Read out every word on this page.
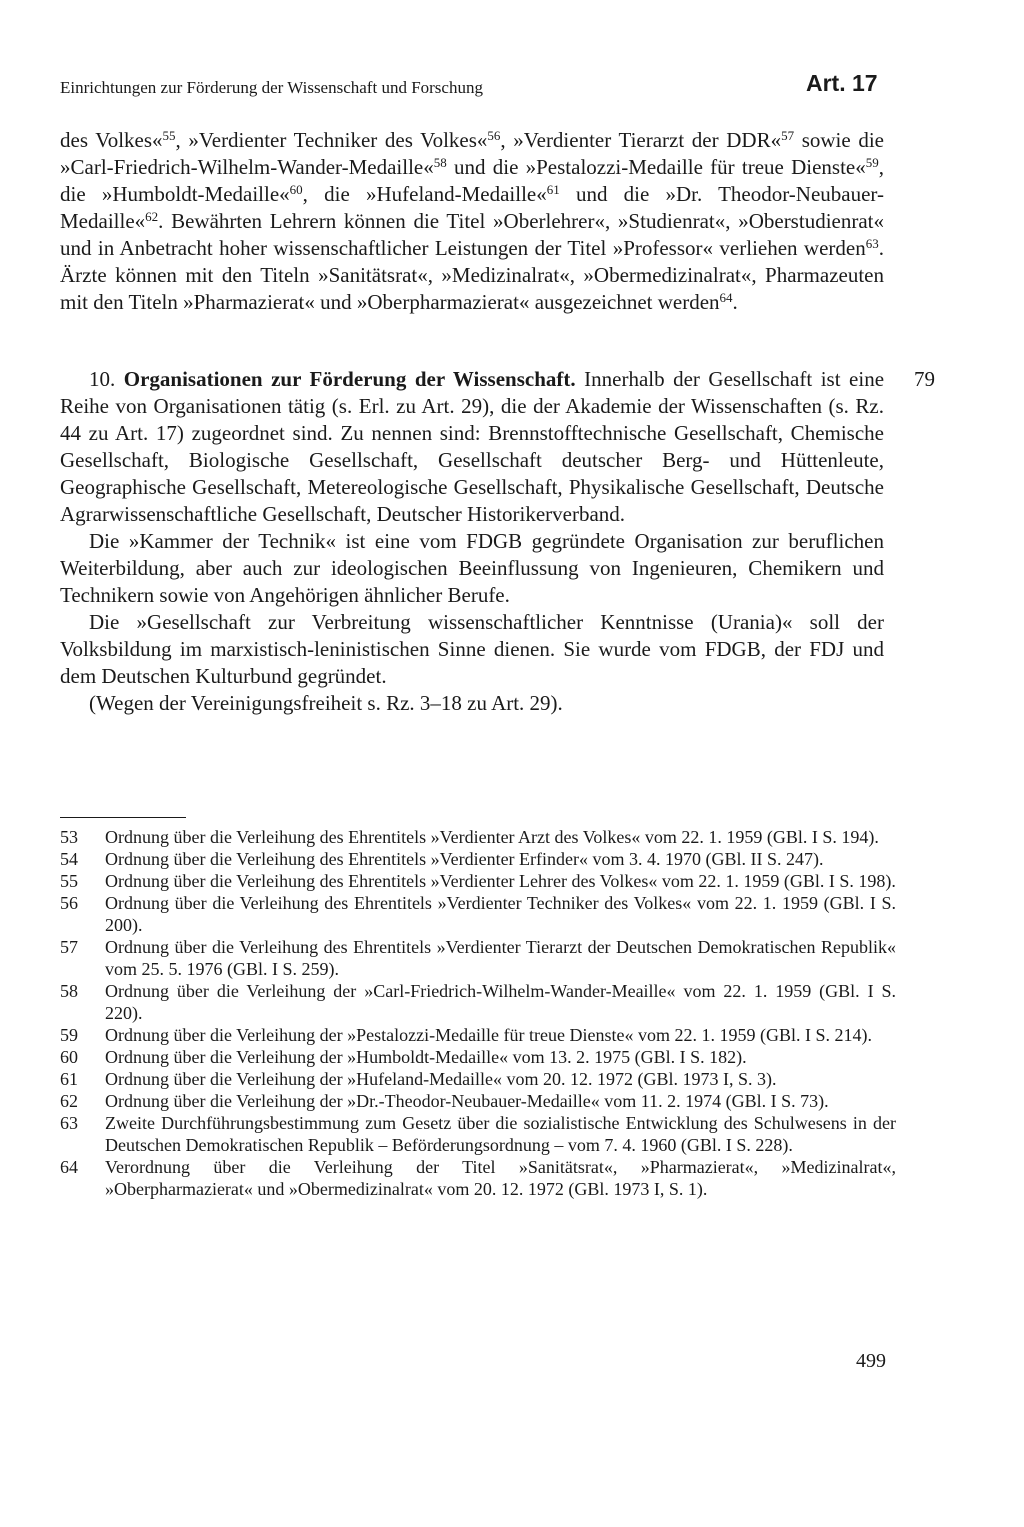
Einrichtungen zur Förderung der Wissenschaft und Forschung	Art. 17

des Volkes«$^{55}$, »Verdienter Techniker des Volkes«$^{56}$, »Verdienter Tierarzt der DDR«$^{57}$ sowie die »Carl-Friedrich-Wilhelm-Wander-Medaille«$^{58}$ und die »Pestalozzi-Medaille für treue Dienste«$^{59}$, die »Humboldt-Medaille«$^{60}$, die »Hufeland-Medaille«$^{61}$ und die »Dr. Theodor-Neubauer-Medaille«$^{62}$. Bewährten Lehrern können die Titel »Oberlehrer«, »Studienrat«, »Oberstudienrat« und in Anbetracht hoher wissenschaftlicher Leistungen der Titel »Professor« verliehen werden$^{63}$. Ärzte können mit den Titeln »Sanitätsrat«, »Medizinalrat«, »Obermedizinalrat«, Pharmazeuten mit den Titeln »Pharmazierat« und »Oberpharmazierat« ausgezeichnet werden$^{64}$.

79

10. Organisationen zur Förderung der Wissenschaft. Innerhalb der Gesellschaft ist eine Reihe von Organisationen tätig (s. Erl. zu Art. 29), die der Akademie der Wissenschaften (s. Rz. 44 zu Art. 17) zugeordnet sind. Zu nennen sind: Brennstofftechnische Gesellschaft, Chemische Gesellschaft, Biologische Gesellschaft, Gesellschaft deutscher Berg- und Hüttenleute, Geographische Gesellschaft, Metereologische Gesellschaft, Physikalische Gesellschaft, Deutsche Agrarwissenschaftliche Gesellschaft, Deutscher Historikerverband.

Die »Kammer der Technik« ist eine vom FDGB gegründete Organisation zur beruflichen Weiterbildung, aber auch zur ideologischen Beeinflussung von Ingenieuren, Chemikern und Technikern sowie von Angehörigen ähnlicher Berufe.

Die »Gesellschaft zur Verbreitung wissenschaftlicher Kenntnisse (Urania)« soll der Volksbildung im marxistisch-leninistischen Sinne dienen. Sie wurde vom FDGB, der FDJ und dem Deutschen Kulturbund gegründet.

(Wegen der Vereinigungsfreiheit s. Rz. 3–18 zu Art. 29).

53	Ordnung über die Verleihung des Ehrentitels »Verdienter Arzt des Volkes« vom 22. 1. 1959 (GBl. I S. 194).
54	Ordnung über die Verleihung des Ehrentitels »Verdienter Erfinder« vom 3. 4. 1970 (GBl. II S. 247).
55	Ordnung über die Verleihung des Ehrentitels »Verdienter Lehrer des Volkes« vom 22. 1. 1959 (GBl. I S. 198).
56	Ordnung über die Verleihung des Ehrentitels »Verdienter Techniker des Volkes« vom 22. 1. 1959 (GBl. I S. 200).
57	Ordnung über die Verleihung des Ehrentitels »Verdienter Tierarzt der Deutschen Demokratischen Republik« vom 25. 5. 1976 (GBl. I S. 259).
58	Ordnung über die Verleihung der »Carl-Friedrich-Wilhelm-Wander-Meaille« vom 22. 1. 1959 (GBl. I S. 220).
59	Ordnung über die Verleihung der »Pestalozzi-Medaille für treue Dienste« vom 22. 1. 1959 (GBl. I S. 214).
60	Ordnung über die Verleihung der »Humboldt-Medaille« vom 13. 2. 1975 (GBl. I S. 182).
61	Ordnung über die Verleihung der »Hufeland-Medaille« vom 20. 12. 1972 (GBl. 1973 I, S. 3).
62	Ordnung über die Verleihung der »Dr.-Theodor-Neubauer-Medaille« vom 11. 2. 1974 (GBl. I S. 73).
63	Zweite Durchführungsbestimmung zum Gesetz über die sozialistische Entwicklung des Schulwesens in der Deutschen Demokratischen Republik – Beförderungsordnung – vom 7. 4. 1960 (GBl. I S. 228).
64	Verordnung über die Verleihung der Titel »Sanitätsrat«, »Pharmazierat«, »Medizinalrat«, »Oberpharmazierat« und »Obermedizinalrat« vom 20. 12. 1972 (GBl. 1973 I, S. 1).
499
